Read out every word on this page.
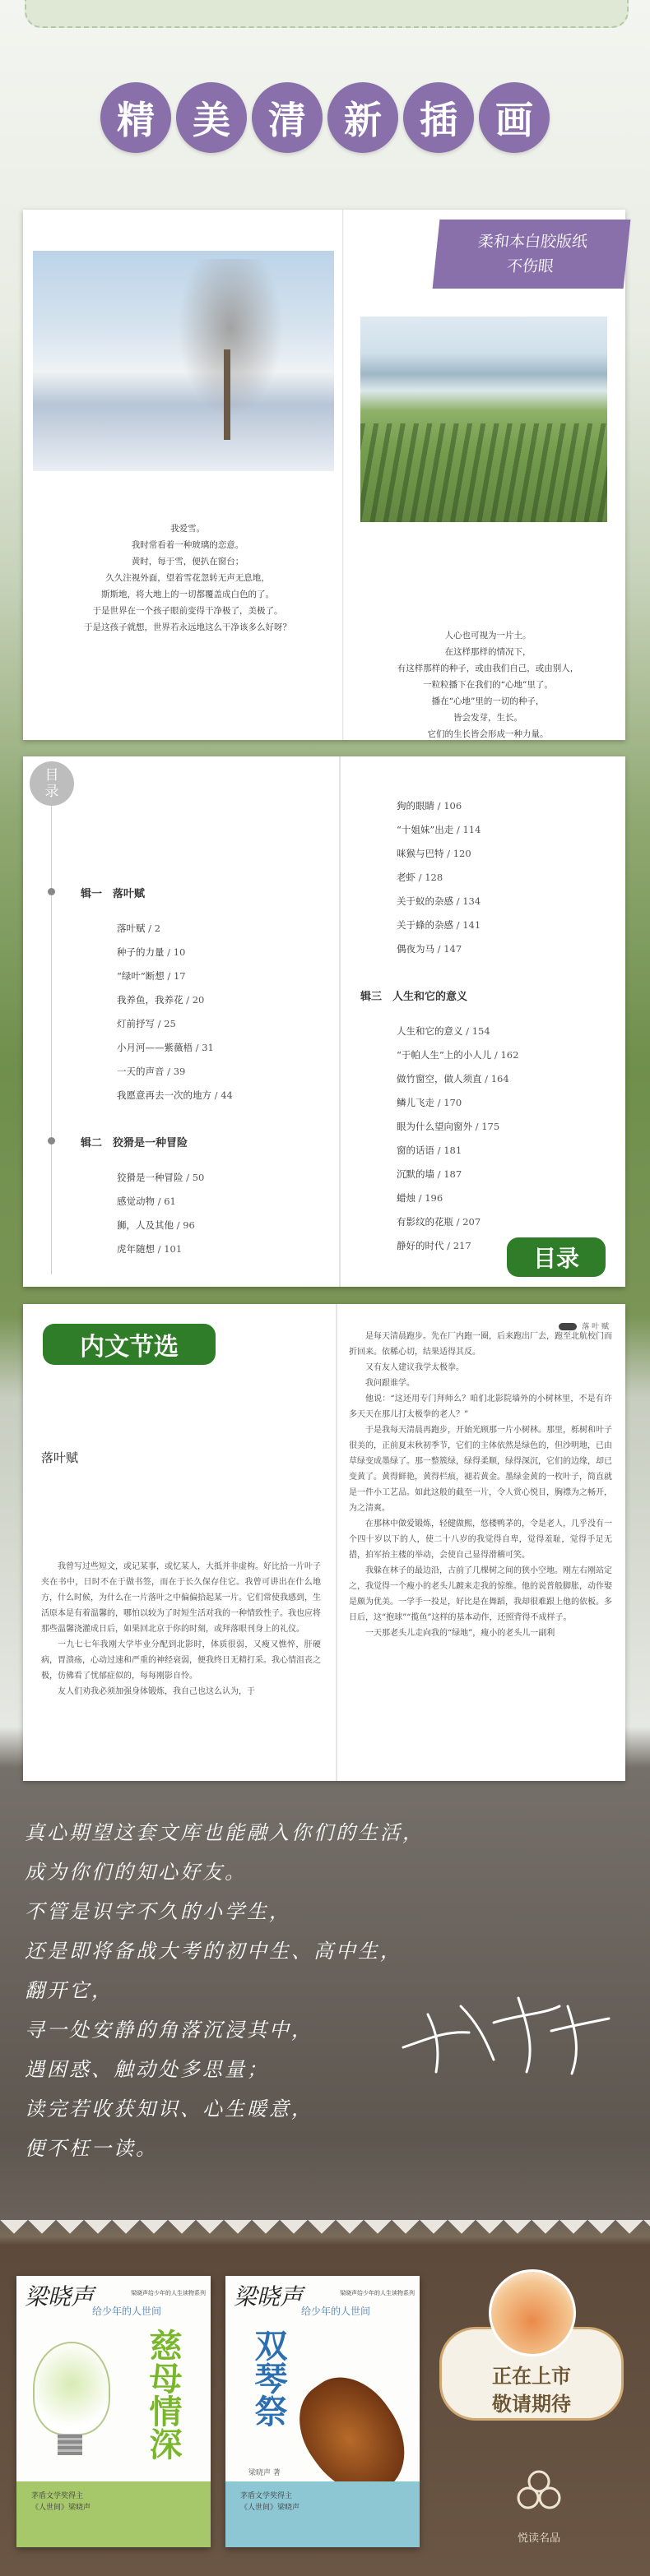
精	美	清	新	插	画
柔和本白胶版纸
不伤眼
我爱雪。
我时常看着一种玻璃的恋意。
黄时，每于雪，便扒在窗台；
久久注视外面，望着雪花忽转无声无息地，
斯斯地，将大地上的一切都覆盖成白色的了。
于是世界在一个孩子眼前变得干净极了，美极了。
于是这孩子就想，世界若永远地这么干净该多么好呀？
人心也可视为一片土。
在这样那样的情况下，
有这样那样的种子，或由我们自己，或由别人，
一粒粒播下在我们的“心地”里了。
播在“心地”里的一切的种子，
皆会发芽，生长。
它们的生长皆会形成一种力量。
目
录
辑一　落叶赋
落叶赋 / 2
种子的力量 / 10
“绿叶”断想 / 17
我养鱼，我养花 / 20
灯前抒写 / 25
小月河——紫薇梧 / 31
一天的声音 / 39
我愿意再去一次的地方 / 44
辑二　狡猾是一种冒险
狡猾是一种冒险 / 50
感觉动物 / 61
狮，人及其他 / 96
虎年随想 / 101
狗的眼睛 / 106
“十姐妹”出走 / 114
咪猴与巴特 / 120
老虾 / 128
关于蚁的杂感 / 134
关于蜂的杂感 / 141
偶夜为马 / 147
辑三　人生和它的意义
人生和它的意义 / 154
“于帕人生”上的小人儿 / 162
做竹窗空，做人须直 / 164
鳞儿飞走 / 170
眼为什么望向窗外 / 175
窗的话语 / 181
沉默的墙 / 187
蜡烛 / 196
有影纹的花瓶 / 207
静好的时代 / 217	目录
内文节选
落 叶 赋
落叶赋

我曾写过些短文，或记某事，或忆某人，大抵并非虚构。好比拾一片叶子夹在书中，日时不在于做书签，而在于长久保存住它。我曾可讲出在什么地方，什么时候，为什么在一片落叶之中偏偏拾起某一片。它们常使我感到，生活原本是有着温馨的，哪怕以较为了时短生活对我的一种情致性子。我也应将那些温馨浇灌成日后，如果回北京于你的时刻，或拜落眼刊身上的礼仪。

一九七七年我刚大学毕业分配到北影时，体质很弱，又瘦又憔悴，肝硬病，胃溃疡，心动过速和严重的神经衰弱，便我终日无精打采。我心情沮丧之极，仿佛看了忧郁症似的，每每刚影自怜。

友人们劝我必须加强身体锻炼，我自己也这么认为，于

是每天清晨跑步。先在厂内跑一圈，后来跑出厂去，跑至北航校门而折回来。依稀心切，结果适得其反。

又有友人建议我学太极拳。

我问跟谁学。

他说：“这还用专门拜师么？咱们北影院墙外的小树林里，不是有许多天天在那儿打太极拳的老人？”

于是我每天清晨再跑步，开始光顾那一片小树林。那里，栎树和叶子很美的，正前夏末秋初季节，它们的主体依然是绿色的，但沙明地，已由草绿变成墨绿了。那一整簇绿，绿得柔顺，绿得深沉，它们的边缘，却已变黄了。黄得鲜艳，黄得栏痕，褪若黄金。墨绿金黄的一枚叶子，简直就是一件小工艺品。如此这般的截至一片，令人赏心悦目，胸襟为之畅开，为之清爽。

在那林中做爱锻炼，轻健做熙，悠楼鸭茅的，令是老人，几乎没有一个四十岁以下的人，使二十八岁的我觉得自卑，觉得羞耻，觉得手足无措，拍军抬主楼的举动，会使自己显得滑稽可笑。

我躲在林子的最边沿，古前了几棵树之间的狭小空地。刚左右刚站定之，我觉得一个瘦小的老头儿踱来走我的惊维。他的说普般脚胀，动作娶是颇为优美。一学手一投足，好比是在舞蹈，我却很难跟上他的依板。多日后，这“抱球”“揽鱼”这样的基本动作，还照背得不成样子。

一天那老头儿走向我的“绿地”，瘦小的老头儿一副利

真心期望这套文库也能融入你们的生活，
成为你们的知心好友。
不管是识字不久的小学生，
还是即将备战大考的初中生、高中生，
翻开它，
寻一处安静的角落沉浸其中，
遇困惑、触动处多思量；
读完若收获知识、心生暖意，
便不枉一读。
梁晓声	梁晓声给少年的人生读物系列
给少年的人世间
慈母情深
茅盾文学奖得主
《人世间》梁晓声
梁晓声	梁晓声给少年的人生读物系列
给少年的人世间
双琴祭
梁晓声 著
茅盾文学奖得主
《人世间》梁晓声
正在上市
敬请期待
悦读名品
